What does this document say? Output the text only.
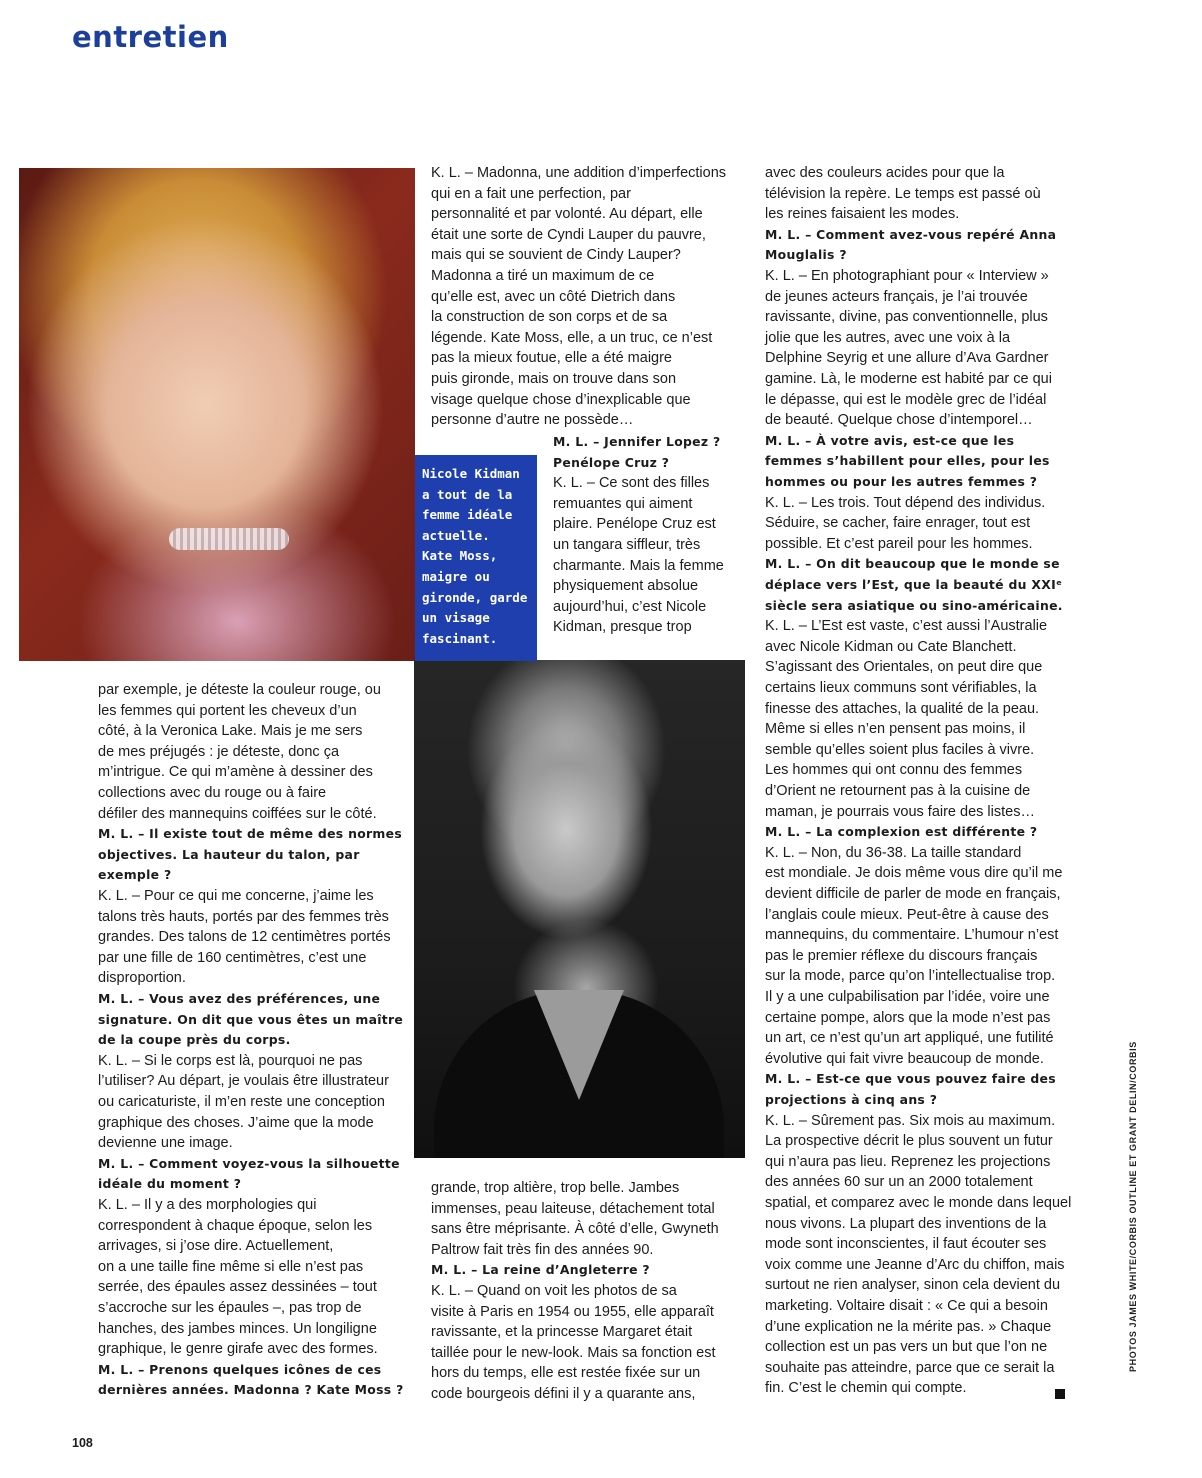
entretien

Nicole Kidman

a tout de la

femme idéale

actuelle.

Kate Moss,

maigre ou

gironde, garde

un visage

fascinant.

par exemple, je déteste la couleur rouge, ou
les femmes qui portent les cheveux d’un
côté, à la Veronica Lake. Mais je me sers
de mes préjugés : je déteste, donc ça
m’intrigue. Ce qui m’amène à dessiner des
collections avec du rouge ou à faire
défiler des mannequins coiffées sur le côté.
M. L. – Il existe tout de même des normes
objectives. La hauteur du talon, par
exemple ?
K. L. – Pour ce qui me concerne, j’aime les
talons très hauts, portés par des femmes très
grandes. Des talons de 12 centimètres portés
par une fille de 160 centimètres, c’est une
disproportion.
M. L. – Vous avez des préférences, une
signature. On dit que vous êtes un maître
de la coupe près du corps.
K. L. – Si le corps est là, pourquoi ne pas
l’utiliser? Au départ, je voulais être illustrateur
ou caricaturiste, il m’en reste une conception
graphique des choses. J’aime que la mode
devienne une image.
M. L. – Comment voyez-vous la silhouette
idéale du moment ?
K. L. – Il y a des morphologies qui
correspondent à chaque époque, selon les
arrivages, si j’ose dire. Actuellement,
on a une taille fine même si elle n’est pas
serrée, des épaules assez dessinées – tout
s’accroche sur les épaules –, pas trop de
hanches, des jambes minces. Un longiligne
graphique, le genre girafe avec des formes.
M. L. – Prenons quelques icônes de ces
dernières années. Madonna ? Kate Moss ?
K. L. – Madonna, une addition d’imperfections
qui en a fait une perfection, par
personnalité et par volonté. Au départ, elle
était une sorte de Cyndi Lauper du pauvre,
mais qui se souvient de Cindy Lauper?
Madonna a tiré un maximum de ce
qu’elle est, avec un côté Dietrich dans
la construction de son corps et de sa
légende. Kate Moss, elle, a un truc, ce n’est
pas la mieux foutue, elle a été maigre
puis gironde, mais on trouve dans son
visage quelque chose d’inexplicable que
personne d’autre ne possède…
M. L. – Jennifer Lopez ?
Penélope Cruz ?
K. L. – Ce sont des filles
remuantes qui aiment
plaire. Penélope Cruz est
un tangara siffleur, très
charmante. Mais la femme
physiquement absolue
aujourd’hui, c’est Nicole
Kidman, presque trop
grande, trop altière, trop belle. Jambes
immenses, peau laiteuse, détachement total
sans être méprisante. À côté d’elle, Gwyneth
Paltrow fait très fin des années 90.
M. L. – La reine d’Angleterre ?
K. L. – Quand on voit les photos de sa
visite à Paris en 1954 ou 1955, elle apparaît
ravissante, et la princesse Margaret était
taillée pour le new-look. Mais sa fonction est
hors du temps, elle est restée fixée sur un
code bourgeois défini il y a quarante ans,
avec des couleurs acides pour que la
télévision la repère. Le temps est passé où
les reines faisaient les modes.
M. L. – Comment avez-vous repéré Anna
Mouglalis ?
K. L. – En photographiant pour « Interview »
de jeunes acteurs français, je l’ai trouvée
ravissante, divine, pas conventionnelle, plus
jolie que les autres, avec une voix à la
Delphine Seyrig et une allure d’Ava Gardner
gamine. Là, le moderne est habité par ce qui
le dépasse, qui est le modèle grec de l’idéal
de beauté. Quelque chose d’intemporel…
M. L. – À votre avis, est-ce que les
femmes s’habillent pour elles, pour les
hommes ou pour les autres femmes ?
K. L. – Les trois. Tout dépend des individus.
Séduire, se cacher, faire enrager, tout est
possible. Et c’est pareil pour les hommes.
M. L. – On dit beaucoup que le monde se
déplace vers l’Est, que la beauté du XXIᵉ
siècle sera asiatique ou sino-américaine.
K. L. – L’Est est vaste, c’est aussi l’Australie
avec Nicole Kidman ou Cate Blanchett.
S’agissant des Orientales, on peut dire que
certains lieux communs sont vérifiables, la
finesse des attaches, la qualité de la peau.
Même si elles n’en pensent pas moins, il
semble qu’elles soient plus faciles à vivre.
Les hommes qui ont connu des femmes
d’Orient ne retournent pas à la cuisine de
maman, je pourrais vous faire des listes…
M. L. – La complexion est différente ?
K. L. – Non, du 36-38. La taille standard
est mondiale. Je dois même vous dire qu’il me
devient difficile de parler de mode en français,
l’anglais coule mieux. Peut-être à cause des
mannequins, du commentaire. L’humour n’est
pas le premier réflexe du discours français
sur la mode, parce qu’on l’intellectualise trop.
Il y a une culpabilisation par l’idée, voire une
certaine pompe, alors que la mode n’est pas
un art, ce n’est qu’un art appliqué, une futilité
évolutive qui fait vivre beaucoup de monde.
M. L. – Est-ce que vous pouvez faire des
projections à cinq ans ?
K. L. – Sûrement pas. Six mois au maximum.
La prospective décrit le plus souvent un futur
qui n’aura pas lieu. Reprenez les projections
des années 60 sur un an 2000 totalement
spatial, et comparez avec le monde dans lequel
nous vivons. La plupart des inventions de la
mode sont inconscientes, il faut écouter ses
voix comme une Jeanne d’Arc du chiffon, mais
surtout ne rien analyser, sinon cela devient du
marketing. Voltaire disait : « Ce qui a besoin
d’une explication ne la mérite pas. » Chaque
collection est un pas vers un but que l’on ne
souhaite pas atteindre, parce que ce serait la
fin. C’est le chemin qui compte.
PHOTOS JAMES WHITE/CORBIS OUTLINE ET GRANT DELIN/CORBIS
108
